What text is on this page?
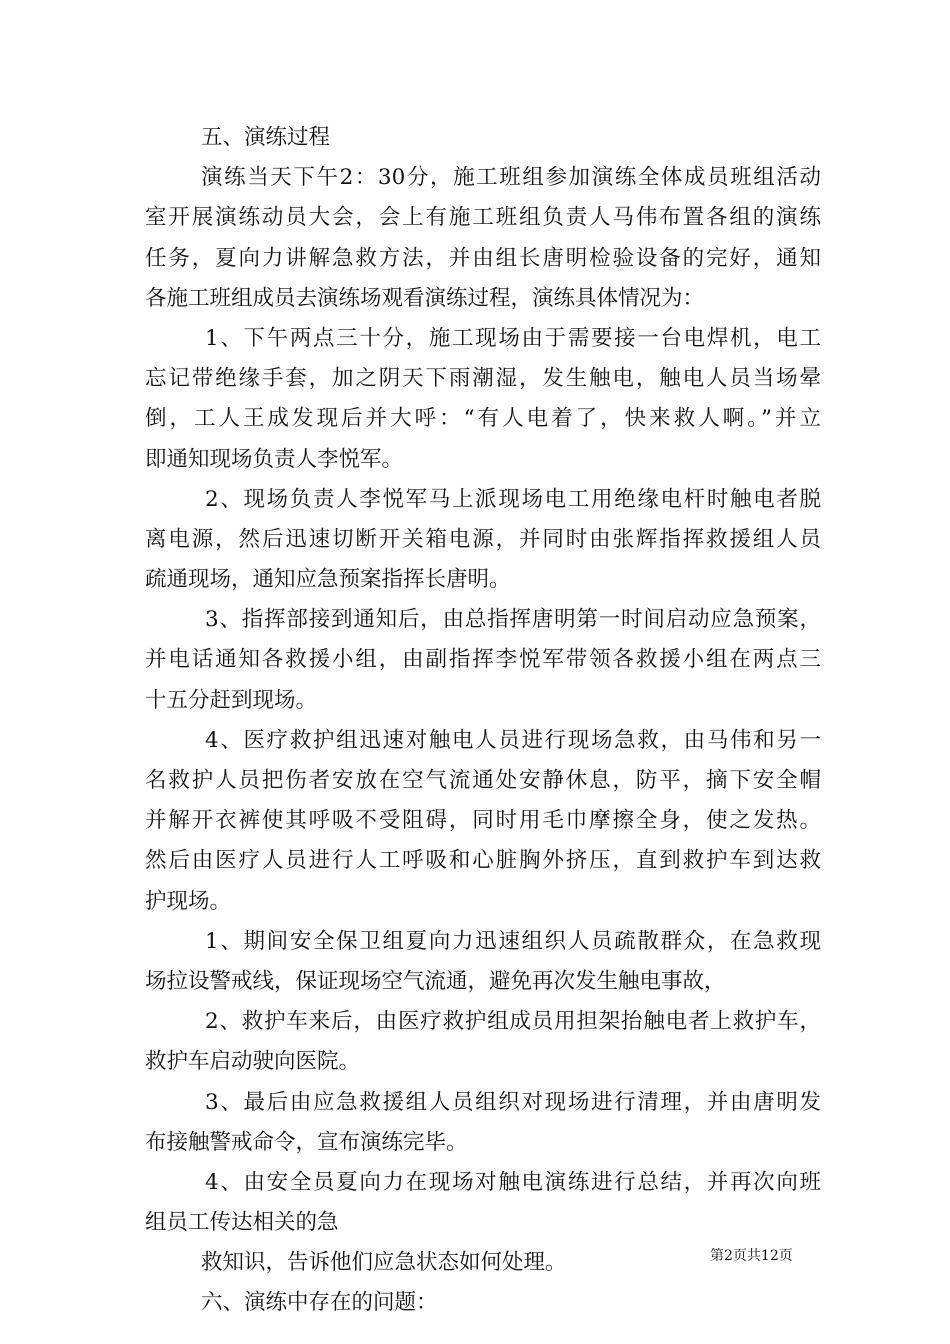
五、演练过程
演练当天下午2：30分，施工班组参加演练全体成员班组活动
室开展演练动员大会，会上有施工班组负责人马伟布置各组的演练
任务，夏向力讲解急救方法，并由组长唐明检验设备的完好，通知
各施工班组成员去演练场观看演练过程，演练具体情况为：
1、下午两点三十分，施工现场由于需要接一台电焊机，电工
忘记带绝缘手套，加之阴天下雨潮湿，发生触电，触电人员当场晕
倒，工人王成发现后并大呼：“有人电着了，快来救人啊。”并立
即通知现场负责人李悦军。
2、现场负责人李悦军马上派现场电工用绝缘电杆时触电者脱
离电源，然后迅速切断开关箱电源，并同时由张辉指挥救援组人员
疏通现场，通知应急预案指挥长唐明。
3、指挥部接到通知后，由总指挥唐明第一时间启动应急预案，
并电话通知各救援小组，由副指挥李悦军带领各救援小组在两点三
十五分赶到现场。
4、医疗救护组迅速对触电人员进行现场急救，由马伟和另一
名救护人员把伤者安放在空气流通处安静休息，防平，摘下安全帽
并解开衣裤使其呼吸不受阻碍，同时用毛巾摩擦全身，使之发热。
然后由医疗人员进行人工呼吸和心脏胸外挤压，直到救护车到达救
护现场。
1、期间安全保卫组夏向力迅速组织人员疏散群众，在急救现
场拉设警戒线，保证现场空气流通，避免再次发生触电事故，
2、救护车来后，由医疗救护组成员用担架抬触电者上救护车，
救护车启动驶向医院。
3、最后由应急救援组人员组织对现场进行清理，并由唐明发
布接触警戒命令，宣布演练完毕。
4、由安全员夏向力在现场对触电演练进行总结，并再次向班
组员工传达相关的急
救知识，告诉他们应急状态如何处理。
六、演练中存在的问题：
第2页共12页
